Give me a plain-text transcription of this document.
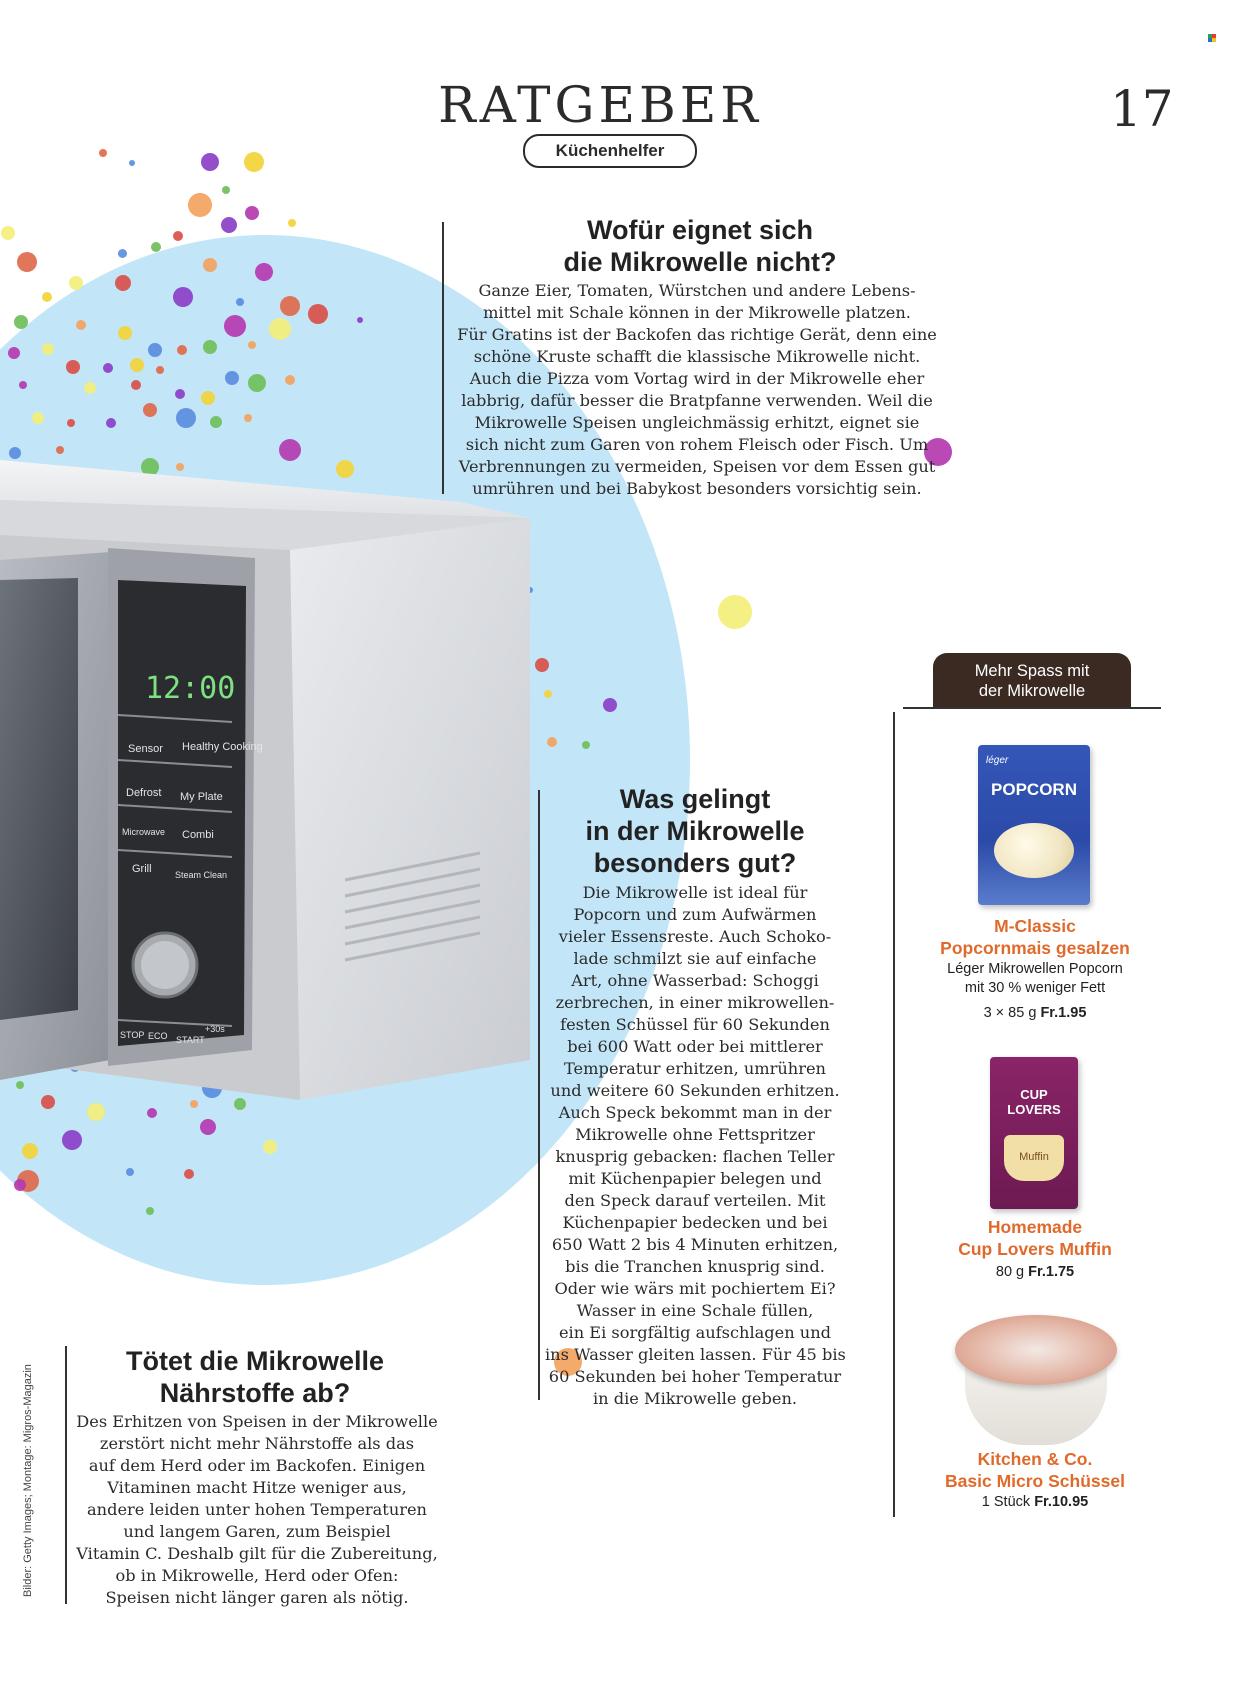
12:00
Sensor Healthy Cooking
Defrost My Plate
Microwave Combi
Grill	Steam Clean
STOP ECO START
+30s
RATGEBER
Küchenhelfer
17
Wofür eignet sich
die Mikrowelle nicht?
Ganze Eier, Tomaten, Würstchen und andere Lebens-
mittel mit Schale können in der Mikrowelle platzen.
Für Gratins ist der Backofen das richtige Gerät, denn eine
schöne Kruste schafft die klassische Mikrowelle nicht.
Auch die Pizza vom Vortag wird in der Mikrowelle eher
labbrig, dafür besser die Bratpfanne verwenden. Weil die
Mikrowelle Speisen ungleichmässig erhitzt, eignet sie
sich nicht zum Garen von rohem Fleisch oder Fisch. Um
Verbrennungen zu vermeiden, Speisen vor dem Essen gut
umrühren und bei Babykost besonders vorsichtig sein.
Was gelingt
in der Mikrowelle
besonders gut?
Die Mikrowelle ist ideal für
Popcorn und zum Aufwärmen
vieler Essensreste. Auch Schoko-
lade schmilzt sie auf einfache
Art, ohne Wasserbad: Schoggi
zerbrechen, in einer mikrowellen-
festen Schüssel für 60 Sekunden
bei 600 Watt oder bei mittlerer
Temperatur erhitzen, umrühren
und weitere 60 Sekunden erhitzen.
Auch Speck bekommt man in der
Mikrowelle ohne Fettspritzer
knusprig gebacken: flachen Teller
mit Küchenpapier belegen und
den Speck darauf verteilen. Mit
Küchenpapier bedecken und bei
650 Watt 2 bis 4 Minuten erhitzen,
bis die Tranchen knusprig sind.
Oder wie wärs mit pochiertem Ei?
Wasser in eine Schale füllen,
ein Ei sorgfältig aufschlagen und
ins Wasser gleiten lassen. Für 45 bis
60 Sekunden bei hoher Temperatur
in die Mikrowelle geben.
Tötet die Mikrowelle
Nährstoffe ab?
Des Erhitzen von Speisen in der Mikrowelle
zerstört nicht mehr Nährstoffe als das
auf dem Herd oder im Backofen. Einigen
Vitaminen macht Hitze weniger aus,
andere leiden unter hohen Temperaturen
und langem Garen, zum Beispiel
Vitamin C. Deshalb gilt für die Zubereitung,
ob in Mikrowelle, Herd oder Ofen:
Speisen nicht länger garen als nötig.
Mehr Spass mit
der Mikrowelle
léger
POPCORN
M-Classic
Popcornmais gesalzen
Léger Mikrowellen Popcorn
mit 30 % weniger Fett
3 × 85 g Fr.1.95
CUP LOVERS
Muffin
Homemade
Cup Lovers Muffin
80 g Fr.1.75
Kitchen & Co.
Basic Micro Schüssel
1 Stück Fr.10.95
Bilder: Getty Images; Montage: Migros-Magazin
